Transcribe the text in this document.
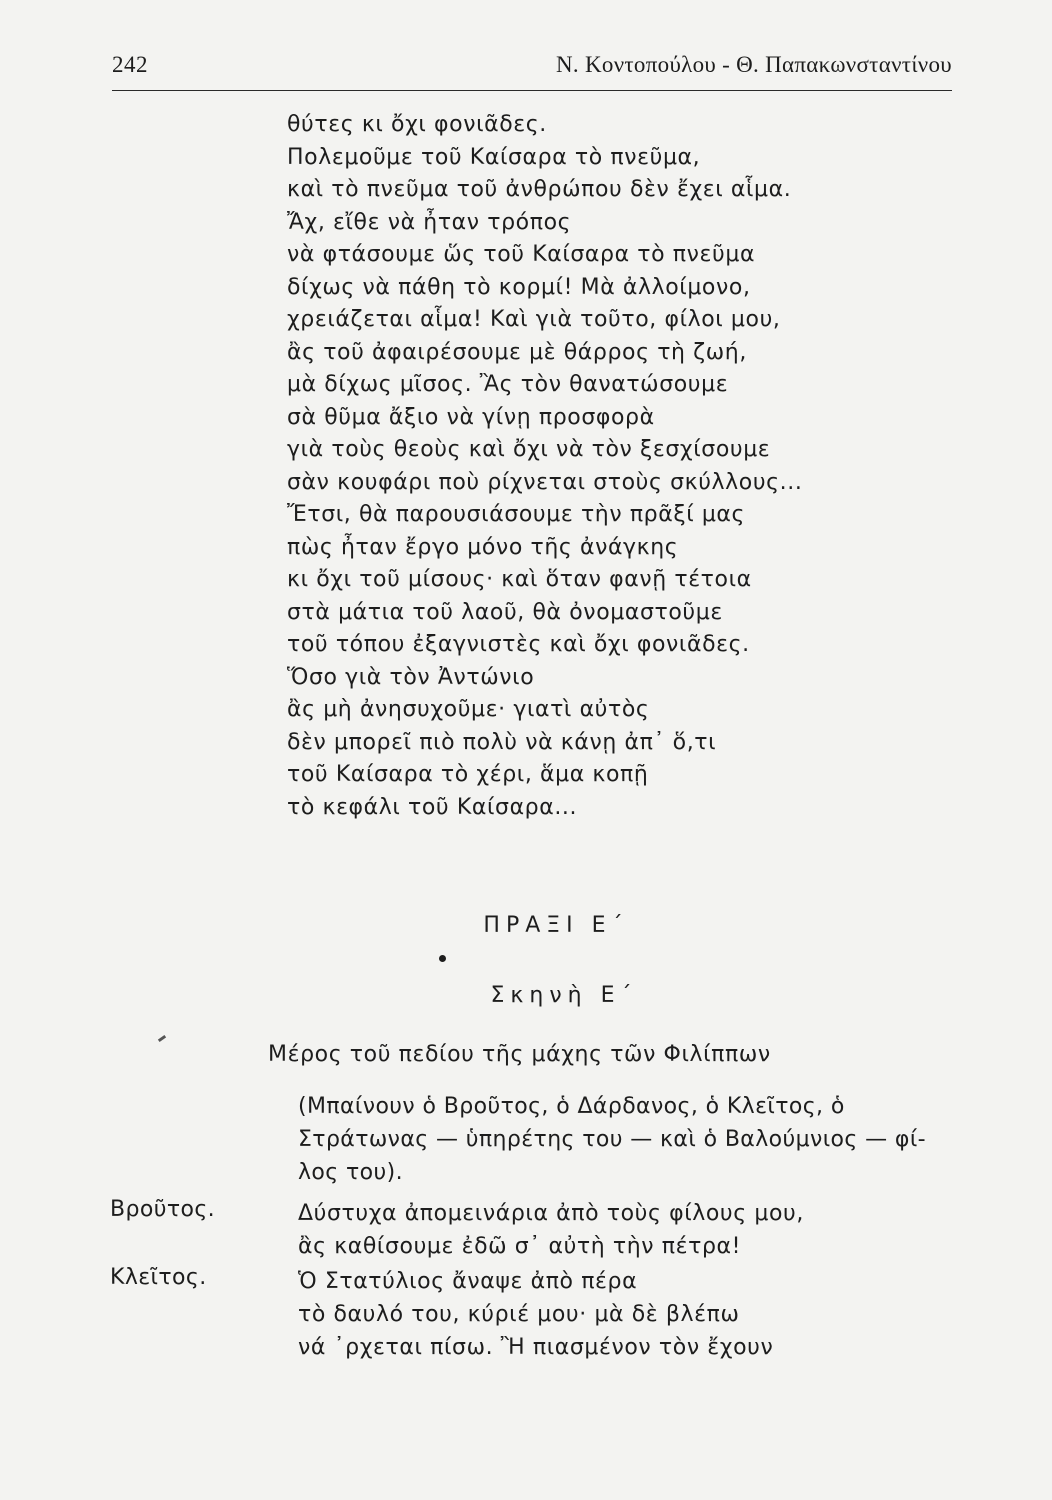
242	Ν. Κοντοπούλου - Θ. Παπακωνσταντίνου
θύτες κι ὄχι φονιᾶδες.
Πολεμοῦμε τοῦ Καίσαρα τὸ πνεῦμα,
καὶ τὸ πνεῦμα τοῦ ἀνθρώπου δὲν ἔχει αἷμα.
Ἄχ, εἴθε νὰ ἦταν τρόπος
νὰ φτάσουμε ὥς τοῦ Καίσαρα τὸ πνεῦμα
δίχως νὰ πάθη τὸ κορμί! Μὰ ἀλλοίμονο,
χρειάζεται αἷμα! Καὶ γιὰ τοῦτο, φίλοι μου,
ἂς τοῦ ἀφαιρέσουμε μὲ θάρρος τὴ ζωή,
μὰ δίχως μῖσος. Ἂς τὸν θανατώσουμε
σὰ θῦμα ἄξιο νὰ γίνῃ προσφορὰ
γιὰ τοὺς θεοὺς καὶ ὄχι νὰ τὸν ξεσχίσουμε
σὰν κουφάρι ποὺ ρίχνεται στοὺς σκύλλους...
Ἔτσι, θὰ παρουσιάσουμε τὴν πρᾶξί μας
πὼς ἦταν ἔργο μόνο τῆς ἀνάγκης
κι ὄχι τοῦ μίσους· καὶ ὅταν φανῇ τέτοια
στὰ μάτια τοῦ λαοῦ, θὰ ὀνομαστοῦμε
τοῦ τόπου ἐξαγνιστὲς καὶ ὄχι φονιᾶδες.
Ὅσο γιὰ τὸν Ἀντώνιο
ἂς μὴ ἀνησυχοῦμε· γιατὶ αὐτὸς
δὲν μπορεῖ πιὸ πολὺ νὰ κάνῃ ἀπ᾽ ὅ,τι
τοῦ Καίσαρα τὸ χέρι, ἅμα κοπῇ
τὸ κεφάλι τοῦ Καίσαρα...
ΠΡΑΞΙ Ε΄
Σκηνὴ Ε΄
Μέρος τοῦ πεδίου τῆς μάχης τῶν Φιλίππων
(Μπαίνουν ὁ Βροῦτος, ὁ Δάρδανος, ὁ Κλεῖτος, ὁ
Στράτωνας — ὑπηρέτης του — καὶ ὁ Βαλούμνιος — φί-
λος του).
Βροῦτος.	Δύστυχα ἀπομεινάρια ἀπὸ τοὺς φίλους μου,
ἂς καθίσουμε ἐδῶ σ᾽ αὐτὴ τὴν πέτρα!
Κλεῖτος.	Ὁ Στατύλιος ἄναψε ἀπὸ πέρα
τὸ δαυλό του, κύριέ μου· μὰ δὲ βλέπω
νά ᾽ρχεται πίσω. Ἢ πιασμένον τὸν ἔχουν
